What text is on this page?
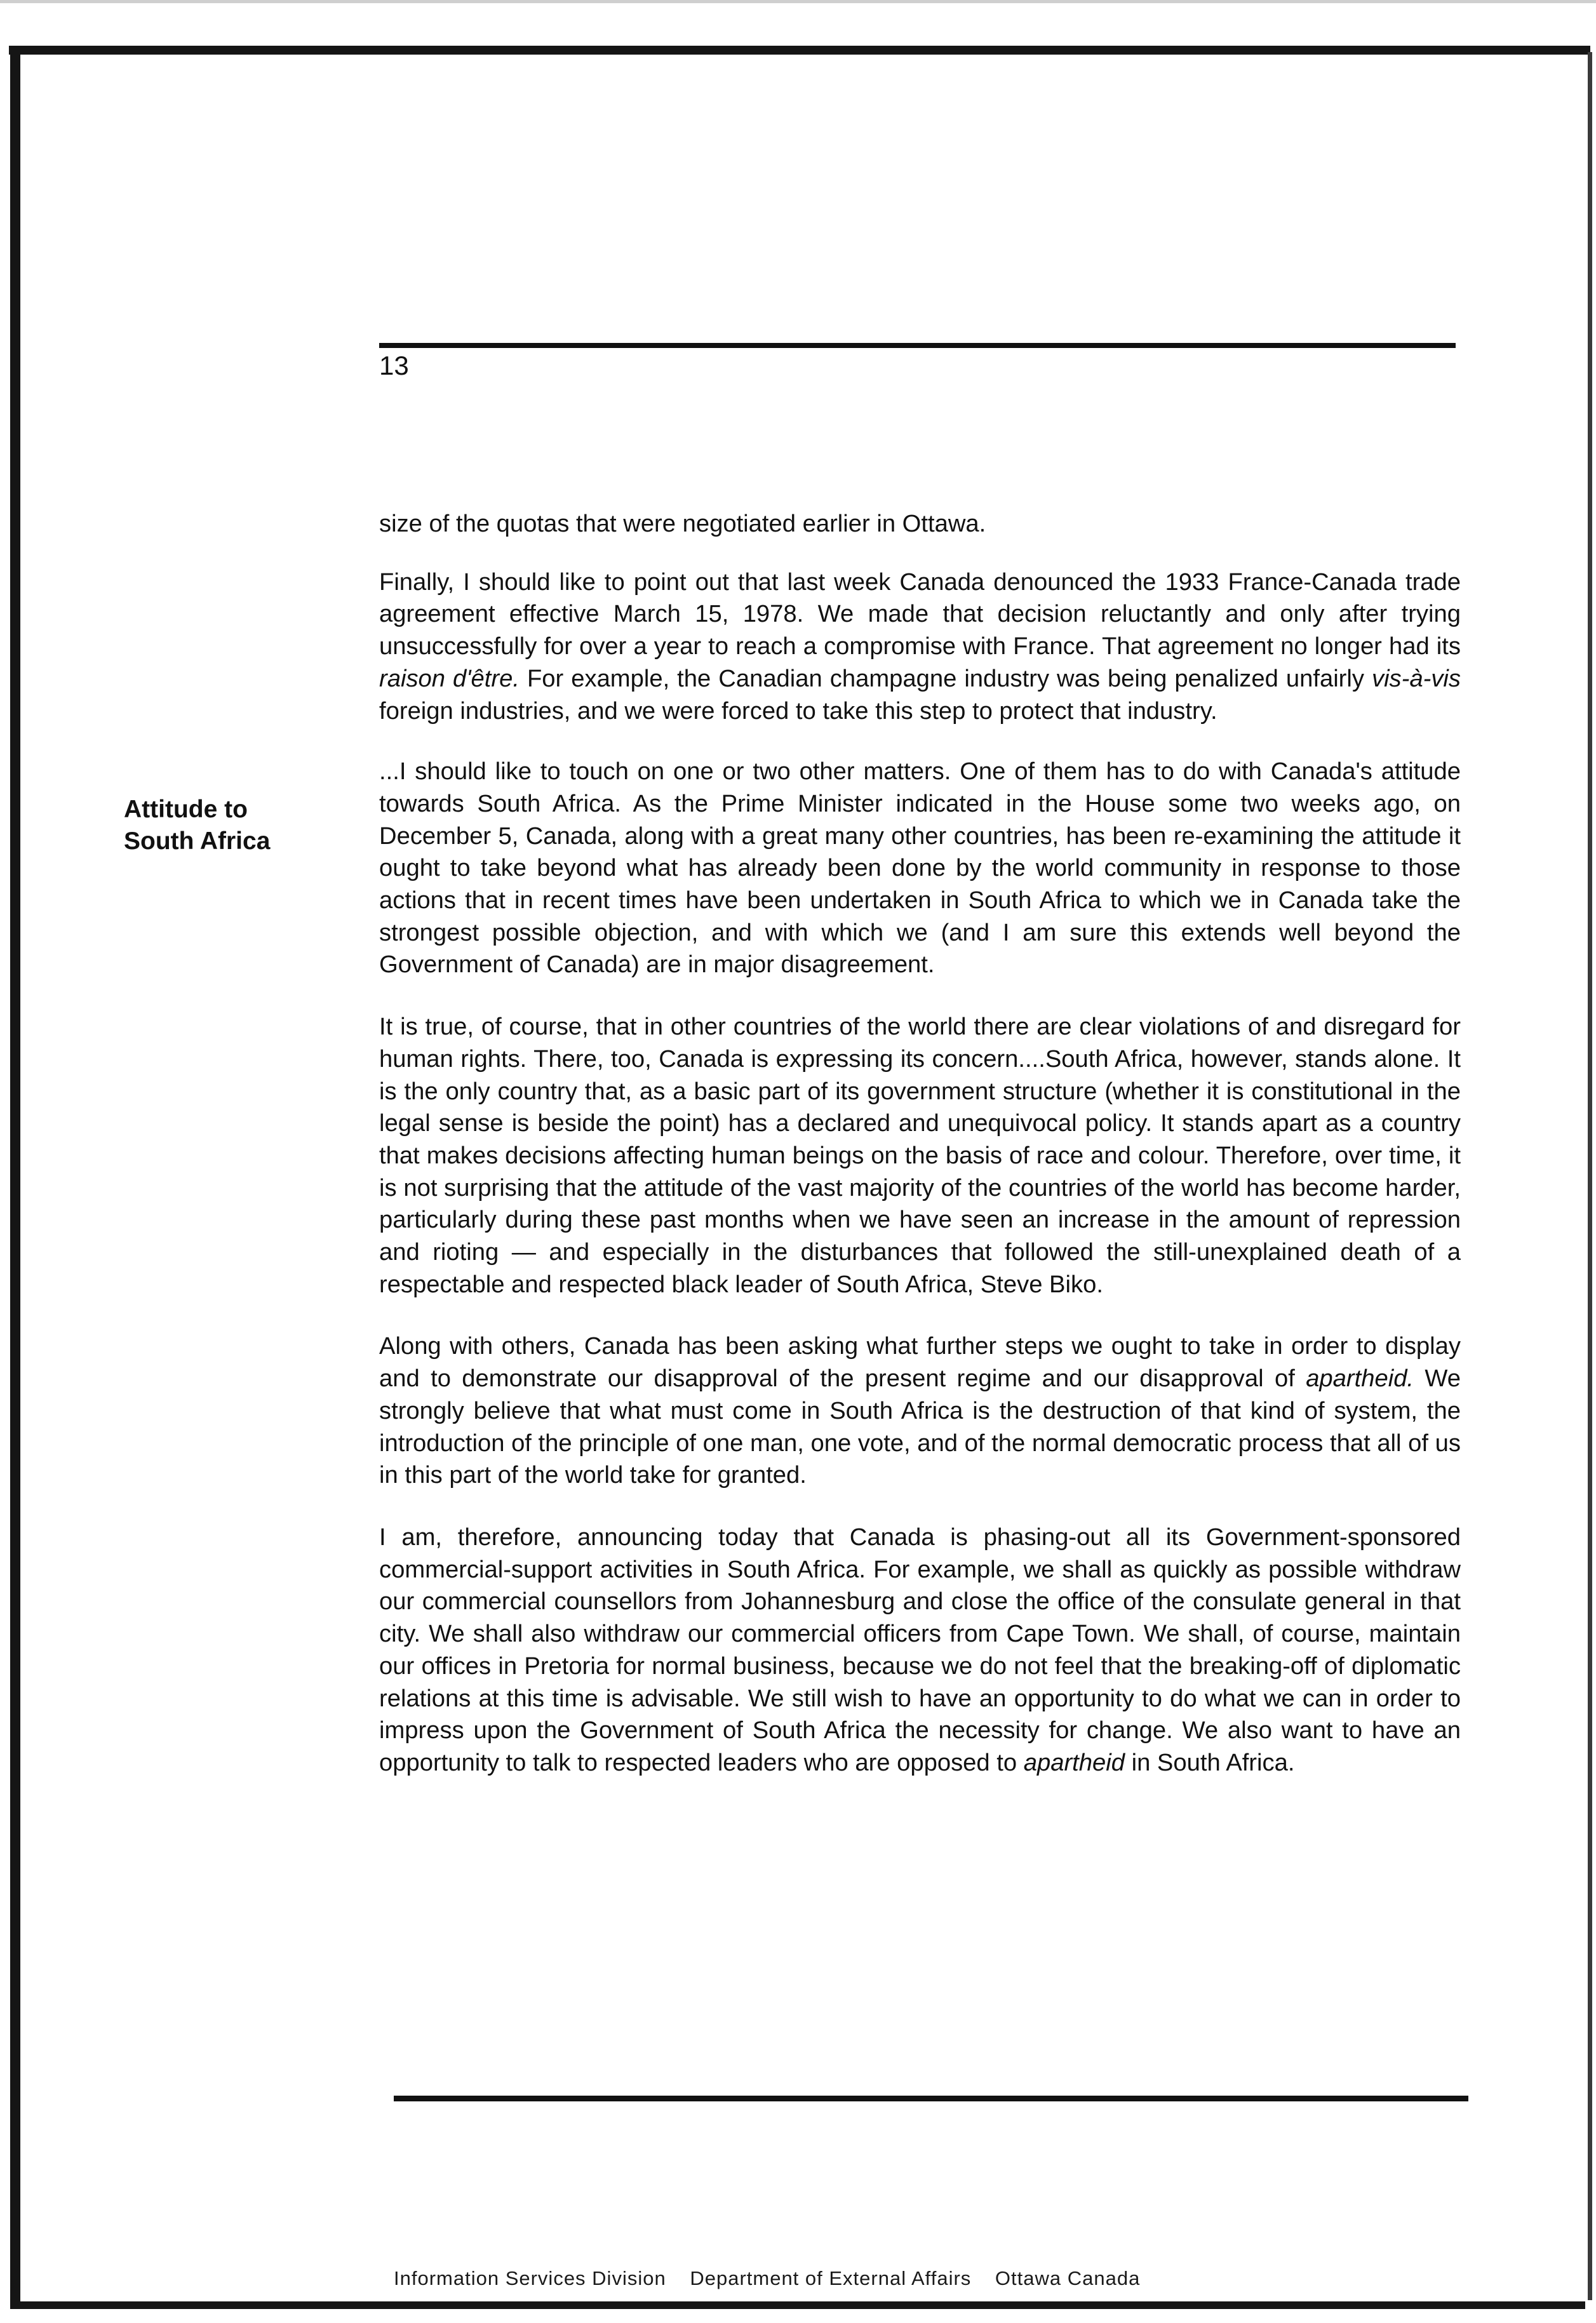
13
Attitude to
South Africa

size of the quotas that were negotiated earlier in Ottawa.

Finally, I should like to point out that last week Canada denounced the 1933 France-Canada trade agreement effective March 15, 1978. We made that decision reluctantly and only after trying unsuccessfully for over a year to reach a compromise with France. That agreement no longer had its raison d'être. For example, the Canadian champagne industry was being penalized unfairly vis-à-vis foreign industries, and we were forced to take this step to protect that industry.

...I should like to touch on one or two other matters. One of them has to do with Canada's attitude towards South Africa. As the Prime Minister indicated in the House some two weeks ago, on December 5, Canada, along with a great many other countries, has been re-examining the attitude it ought to take beyond what has already been done by the world community in response to those actions that in recent times have been undertaken in South Africa to which we in Canada take the strongest possible objection, and with which we (and I am sure this extends well beyond the Government of Canada) are in major disagreement.

It is true, of course, that in other countries of the world there are clear violations of and disregard for human rights. There, too, Canada is expressing its concern....South Africa, however, stands alone. It is the only country that, as a basic part of its government structure (whether it is constitutional in the legal sense is beside the point) has a declared and unequivocal policy. It stands apart as a country that makes decisions affecting human beings on the basis of race and colour. Therefore, over time, it is not surprising that the attitude of the vast majority of the countries of the world has become harder, particularly during these past months when we have seen an increase in the amount of repression and rioting — and especially in the disturbances that followed the still-unexplained death of a respectable and respected black leader of South Africa, Steve Biko.

Along with others, Canada has been asking what further steps we ought to take in order to display and to demonstrate our disapproval of the present regime and our disapproval of apartheid. We strongly believe that what must come in South Africa is the destruction of that kind of system, the introduction of the principle of one man, one vote, and of the normal democratic process that all of us in this part of the world take for granted.

I am, therefore, announcing today that Canada is phasing-out all its Government-sponsored commercial-support activities in South Africa. For example, we shall as quickly as possible withdraw our commercial counsellors from Johannesburg and close the office of the consulate general in that city. We shall also withdraw our commercial officers from Cape Town. We shall, of course, maintain our offices in Pretoria for normal business, because we do not feel that the breaking-off of diplomatic relations at this time is advisable. We still wish to have an opportunity to do what we can in order to impress upon the Government of South Africa the necessity for change. We also want to have an opportunity to talk to respected leaders who are opposed to apartheid in South Africa.

Information Services Division Department of External Affairs Ottawa Canada
